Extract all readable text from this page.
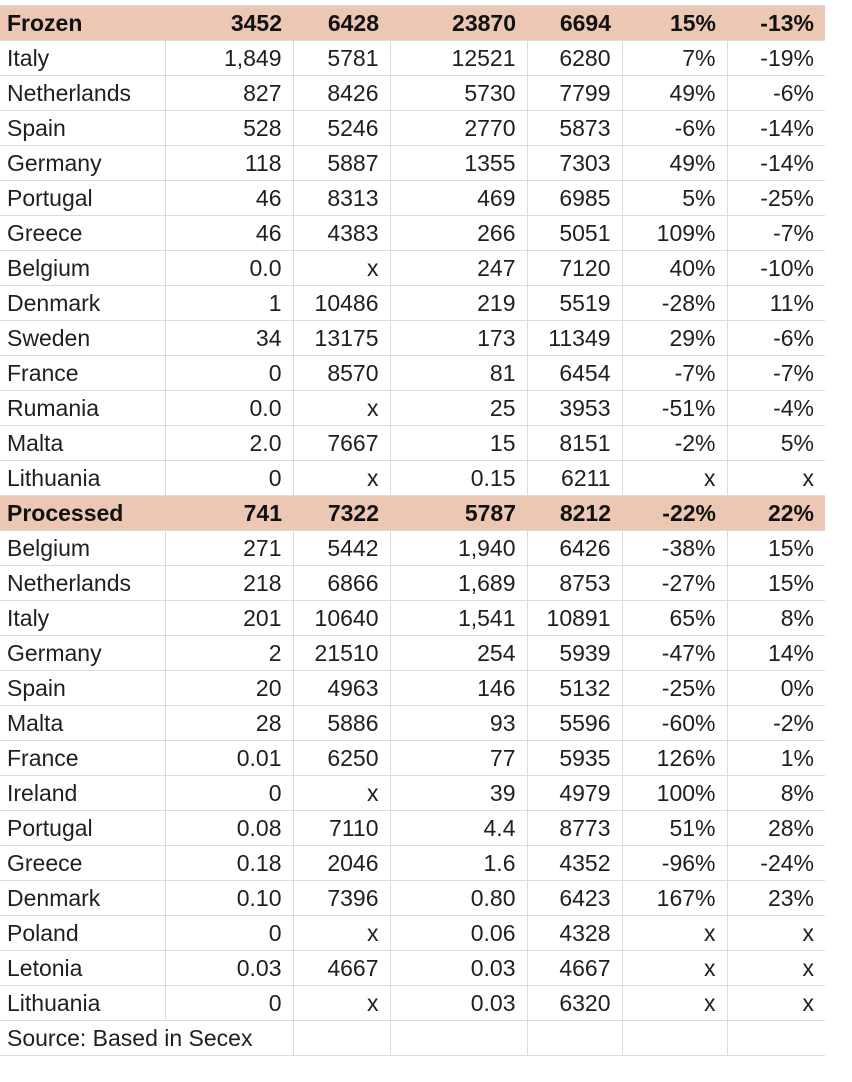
Frozen	3452	6428	23870	6694	15%	-13%
Italy	1,849	5781	12521	6280	7%	-19%
Netherlands	827	8426	5730	7799	49%	-6%
Spain	528	5246	2770	5873	-6%	-14%
Germany	118	5887	1355	7303	49%	-14%
Portugal	46	8313	469	6985	5%	-25%
Greece	46	4383	266	5051	109%	-7%
Belgium	0.0	x	247	7120	40%	-10%
Denmark	1	10486	219	5519	-28%	11%
Sweden	34	13175	173	11349	29%	-6%
France	0	8570	81	6454	-7%	-7%
Rumania	0.0	x	25	3953	-51%	-4%
Malta	2.0	7667	15	8151	-2%	5%
Lithuania	0	x	0.15	6211	x	x
Processed	741	7322	5787	8212	-22%	22%
Belgium	271	5442	1,940	6426	-38%	15%
Netherlands	218	6866	1,689	8753	-27%	15%
Italy	201	10640	1,541	10891	65%	8%
Germany	2	21510	254	5939	-47%	14%
Spain	20	4963	146	5132	-25%	0%
Malta	28	5886	93	5596	-60%	-2%
France	0.01	6250	77	5935	126%	1%
Ireland	0	x	39	4979	100%	8%
Portugal	0.08	7110	4.4	8773	51%	28%
Greece	0.18	2046	1.6	4352	-96%	-24%
Denmark	0.10	7396	0.80	6423	167%	23%
Poland	0	x	0.06	4328	x	x
Letonia	0.03	4667	0.03	4667	x	x
Lithuania	0	x	0.03	6320	x	x
Source: Based in Secex						
